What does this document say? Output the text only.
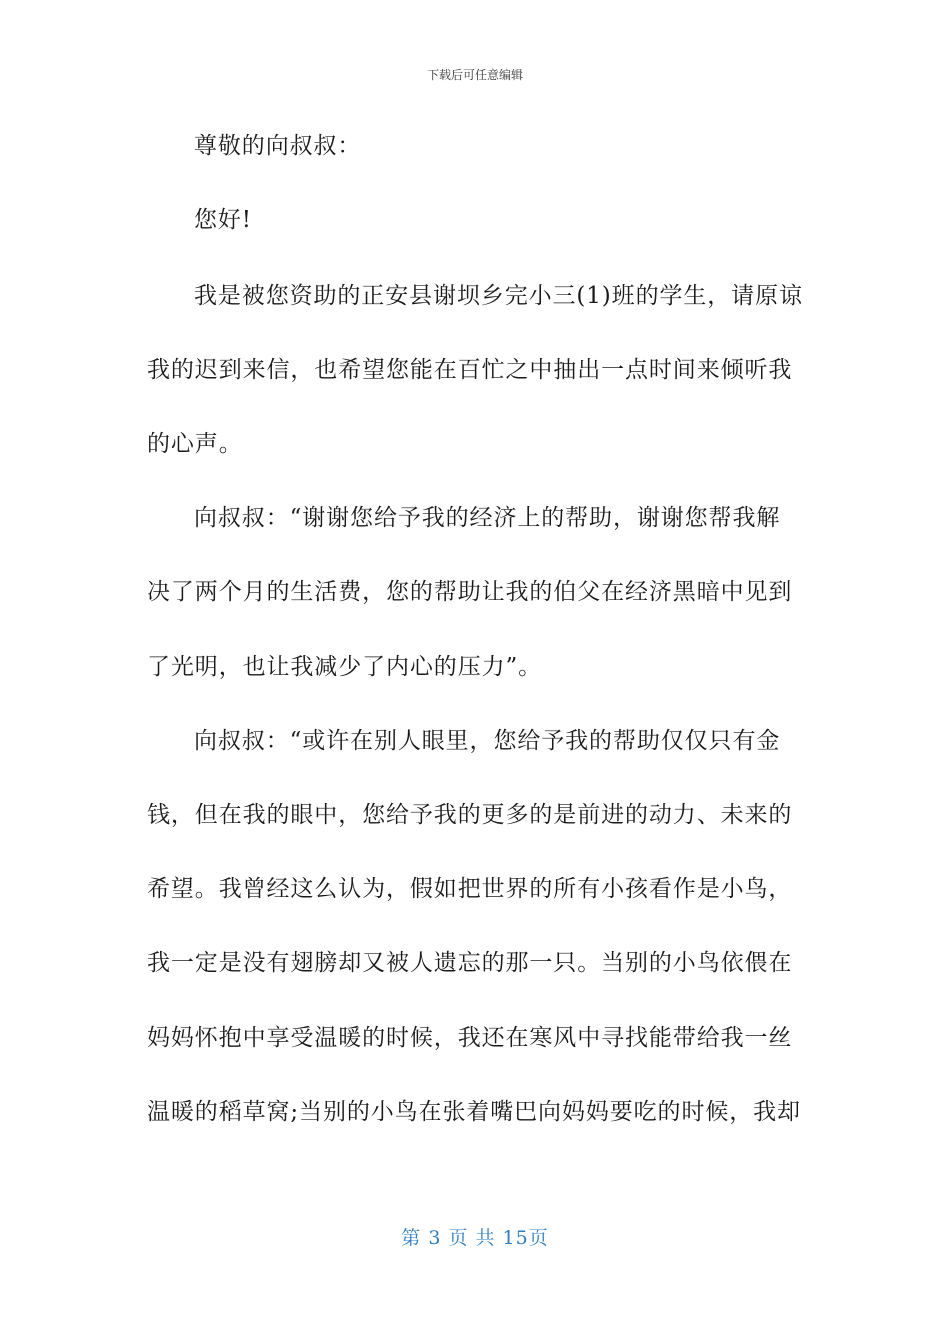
下载后可任意编辑
尊敬的向叔叔：
您好!
我是被您资助的正安县谢坝乡完小三(1)班的学生，请原谅
我的迟到来信，也希望您能在百忙之中抽出一点时间来倾听我
的心声。
向叔叔：“谢谢您给予我的经济上的帮助，谢谢您帮我解
决了两个月的生活费，您的帮助让我的伯父在经济黑暗中见到
了光明，也让我减少了内心的压力”。
向叔叔：“或许在别人眼里，您给予我的帮助仅仅只有金
钱，但在我的眼中，您给予我的更多的是前进的动力、未来的
希望。我曾经这么认为，假如把世界的所有小孩看作是小鸟，
我一定是没有翅膀却又被人遗忘的那一只。当别的小鸟依偎在
妈妈怀抱中享受温暖的时候，我还在寒风中寻找能带给我一丝
温暖的稻草窝;当别的小鸟在张着嘴巴向妈妈要吃的时候，我却
第 3 页 共 15页
